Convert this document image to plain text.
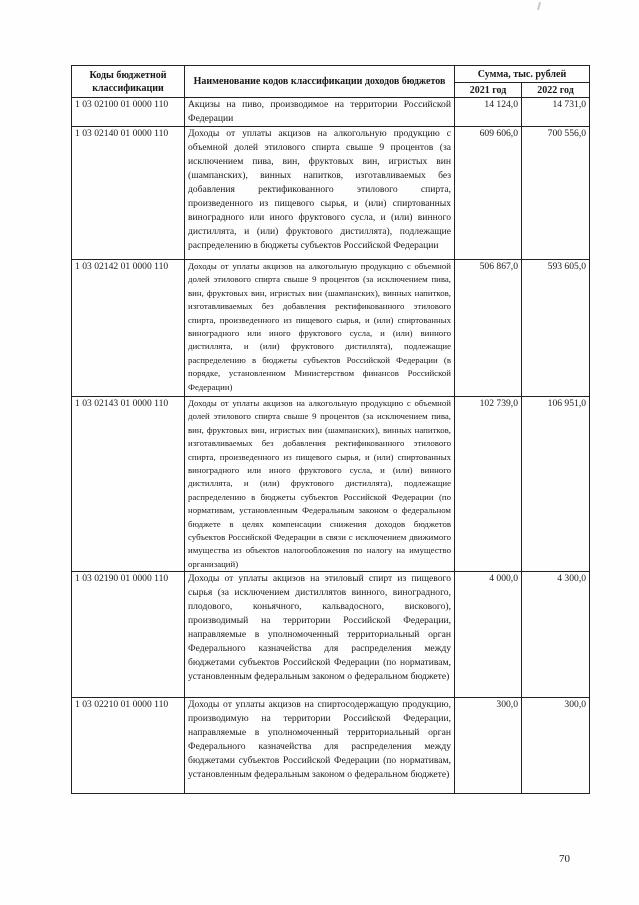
Коды бюджетной классификации	Наименование кодов классификации доходов бюджетов	Сумма, тыс. рублей	
		2021 год	2022 год
1 03 02100 01 0000 110	Акцизы на пиво, производимое на территории Российской Федерации	14 124,0	14 731,0
1 03 02140 01 0000 110	Доходы от уплаты акцизов на алкогольную продукцию с объемной долей этилового спирта свыше 9 процентов (за исключением пива, вин, фруктовых вин, игристых вин (шампанских), винных напитков, изготавливаемых без добавления ректификованного этилового спирта, произведенного из пищевого сырья, и (или) спиртованных виноградного или иного фруктового сусла, и (или) винного дистиллята, и (или) фруктового дистиллята), подлежащие распределению в бюджеты субъектов Российской Федерации	609 606,0	700 556,0
1 03 02142 01 0000 110	Доходы от уплаты акцизов на алкогольную продукцию с объемной долей этилового спирта свыше 9 процентов (за исключением пива, вин, фруктовых вин, игристых вин (шампанских), винных напитков, изготавливаемых без добавления ректификованного этилового спирта, произведенного из пищевого сырья, и (или) спиртованных виноградного или иного фруктового сусла, и (или) винного дистиллята, и (или) фруктового дистиллята), подлежащие распределению в бюджеты субъектов Российской Федерации (в порядке, установленном Министерством финансов Российской Федерации)	506 867,0	593 605,0
1 03 02143 01 0000 110	Доходы от уплаты акцизов на алкогольную продукцию с объемной долей этилового спирта свыше 9 процентов (за исключением пива, вин, фруктовых вин, игристых вин (шампанских), винных напитков, изготавливаемых без добавления ректификованного этилового спирта, произведенного из пищевого сырья, и (или) спиртованных виноградного или иного фруктового сусла, и (или) винного дистиллята, и (или) фруктового дистиллята), подлежащие распределению в бюджеты субъектов Российской Федерации (по нормативам, установленным Федеральным законом о федеральном бюджете в целях компенсации снижения доходов бюджетов субъектов Российской Федерации в связи с исключением движимого имущества из объектов налогообложения по налогу на имущество организаций)	102 739,0	106 951,0
1 03 02190 01 0000 110	Доходы от уплаты акцизов на этиловый спирт из пищевого сырья (за исключением дистиллятов винного, виноградного, плодового, коньячного, кальвадосного, вискового), производимый на территории Российской Федерации, направляемые в уполномоченный территориальный орган Федерального казначейства для распределения между бюджетами субъектов Российской Федерации (по нормативам, установленным федеральным законом о федеральном бюджете)	4 000,0	4 300,0
1 03 02210 01 0000 110	Доходы от уплаты акцизов на спиртосодержащую продукцию, производимую на территории Российской Федерации, направляемые в уполномоченный территориальный орган Федерального казначейства для распределения между бюджетами субъектов Российской Федерации (по нормативам, установленным федеральным законом о федеральном бюджете)	300,0	300,0
70
